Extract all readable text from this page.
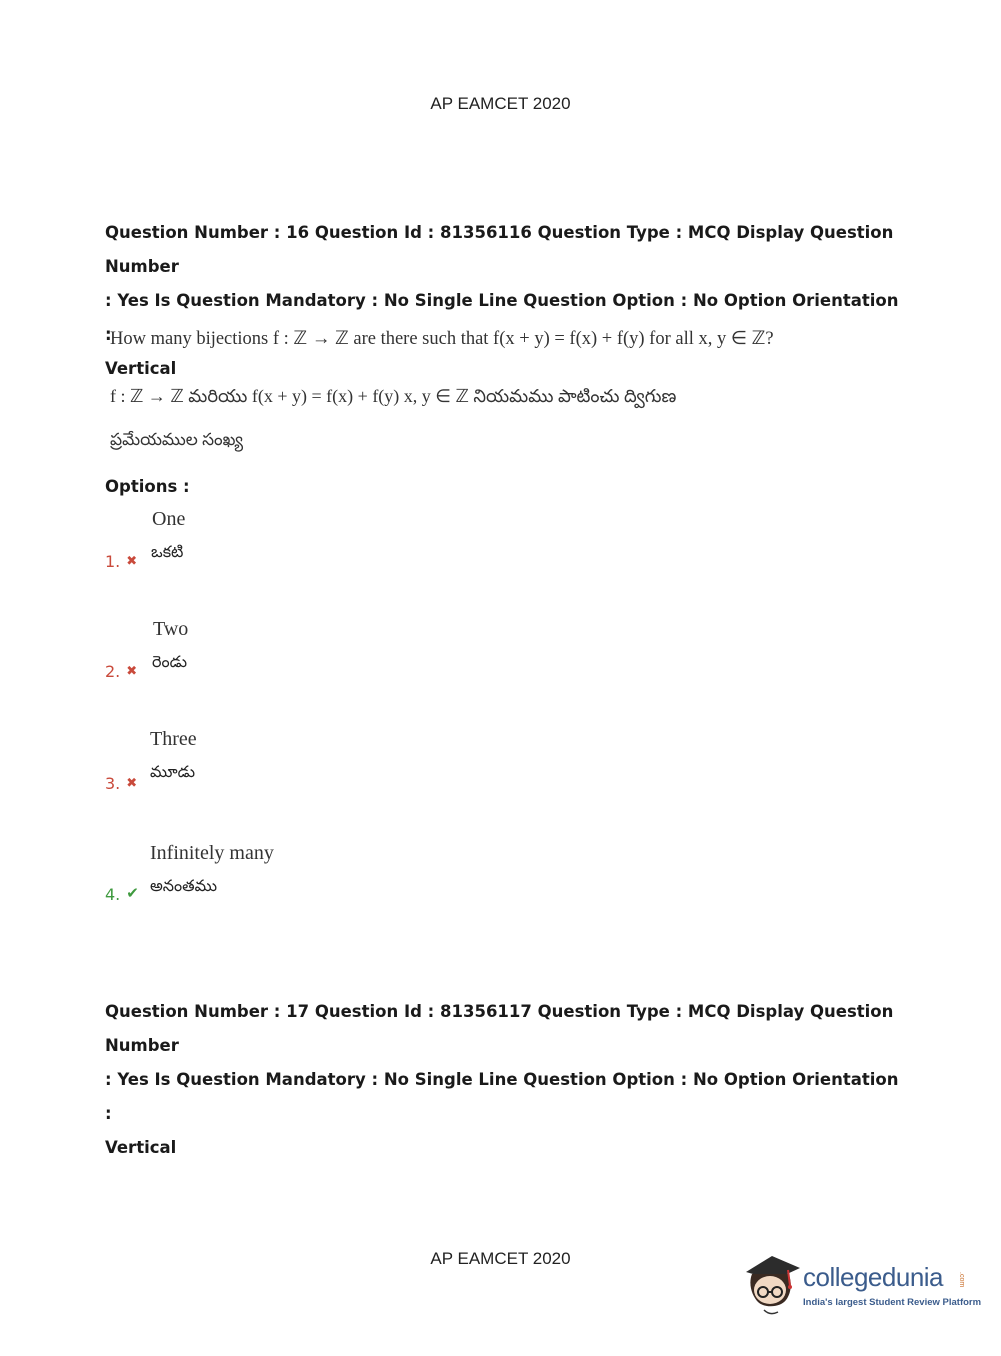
AP EAMCET 2020
Question Number : 16 Question Id : 81356116 Question Type : MCQ Display Question Number
: Yes Is Question Mandatory : No Single Line Question Option : No Option Orientation :
Vertical
How many bijections f : ℤ → ℤ are there such that f(x + y) = f(x) + f(y) for all x, y ∈ ℤ?
f : ℤ → ℤ మరియు f(x + y) = f(x) + f(y) x, y ∈ ℤ నియమము పాటించు ద్విగుణ
ప్రమేయముల సంఖ్య
Options :
One
ఒకటి
1. ✖
Two
రెండు
2. ✖
Three
మూడు
3. ✖
Infinitely many
అనంతము
4. ✔
Question Number : 17 Question Id : 81356117 Question Type : MCQ Display Question Number
: Yes Is Question Mandatory : No Single Line Question Option : No Option Orientation :
Vertical
AP EAMCET 2020
collegedunia .com
India's largest Student Review Platform
